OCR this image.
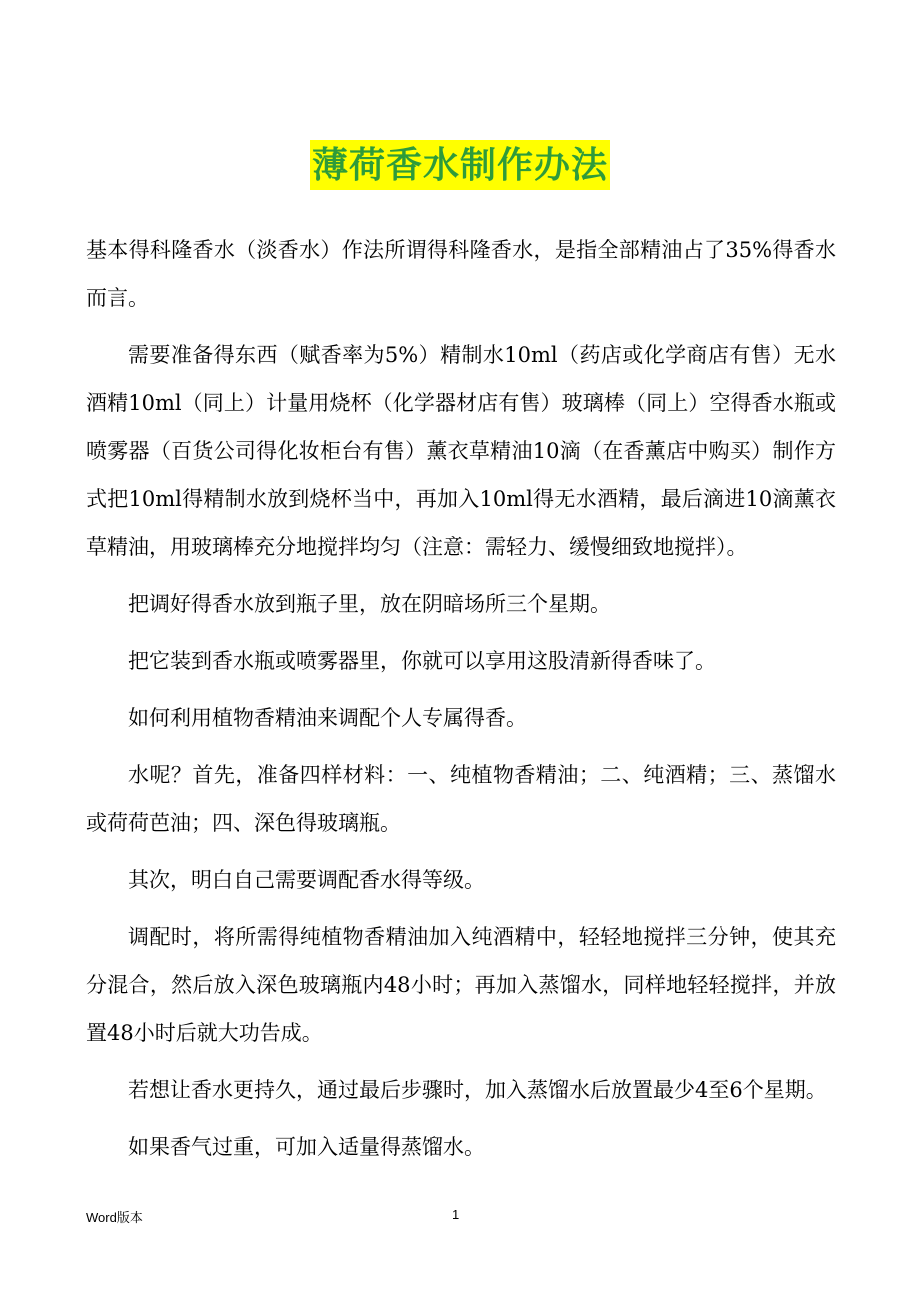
薄荷香水制作办法

基本得科隆香水（淡香水）作法所谓得科隆香水，是指全部精油占了35%得香水而言。

需要准备得东西（赋香率为5%）精制水10ml（药店或化学商店有售）无水酒精10ml（同上）计量用烧杯（化学器材店有售）玻璃棒（同上）空得香水瓶或喷雾器（百货公司得化妆柜台有售）薰衣草精油10滴（在香薰店中购买）制作方式把10ml得精制水放到烧杯当中，再加入10ml得无水酒精，最后滴进10滴薰衣草精油，用玻璃棒充分地搅拌均匀（注意：需轻力、缓慢细致地搅拌）。

把调好得香水放到瓶子里，放在阴暗场所三个星期。

把它装到香水瓶或喷雾器里，你就可以享用这股清新得香味了。

如何利用植物香精油来调配个人专属得香。

水呢？首先，准备四样材料：一、纯植物香精油；二、纯酒精；三、蒸馏水或荷荷芭油；四、深色得玻璃瓶。

其次，明白自己需要调配香水得等级。

调配时，将所需得纯植物香精油加入纯酒精中，轻轻地搅拌三分钟，使其充分混合，然后放入深色玻璃瓶内48小时；再加入蒸馏水，同样地轻轻搅拌，并放置48小时后就大功告成。

若想让香水更持久，通过最后步骤时，加入蒸馏水后放置最少4至6个星期。

如果香气过重，可加入适量得蒸馏水。

Word版本	1
